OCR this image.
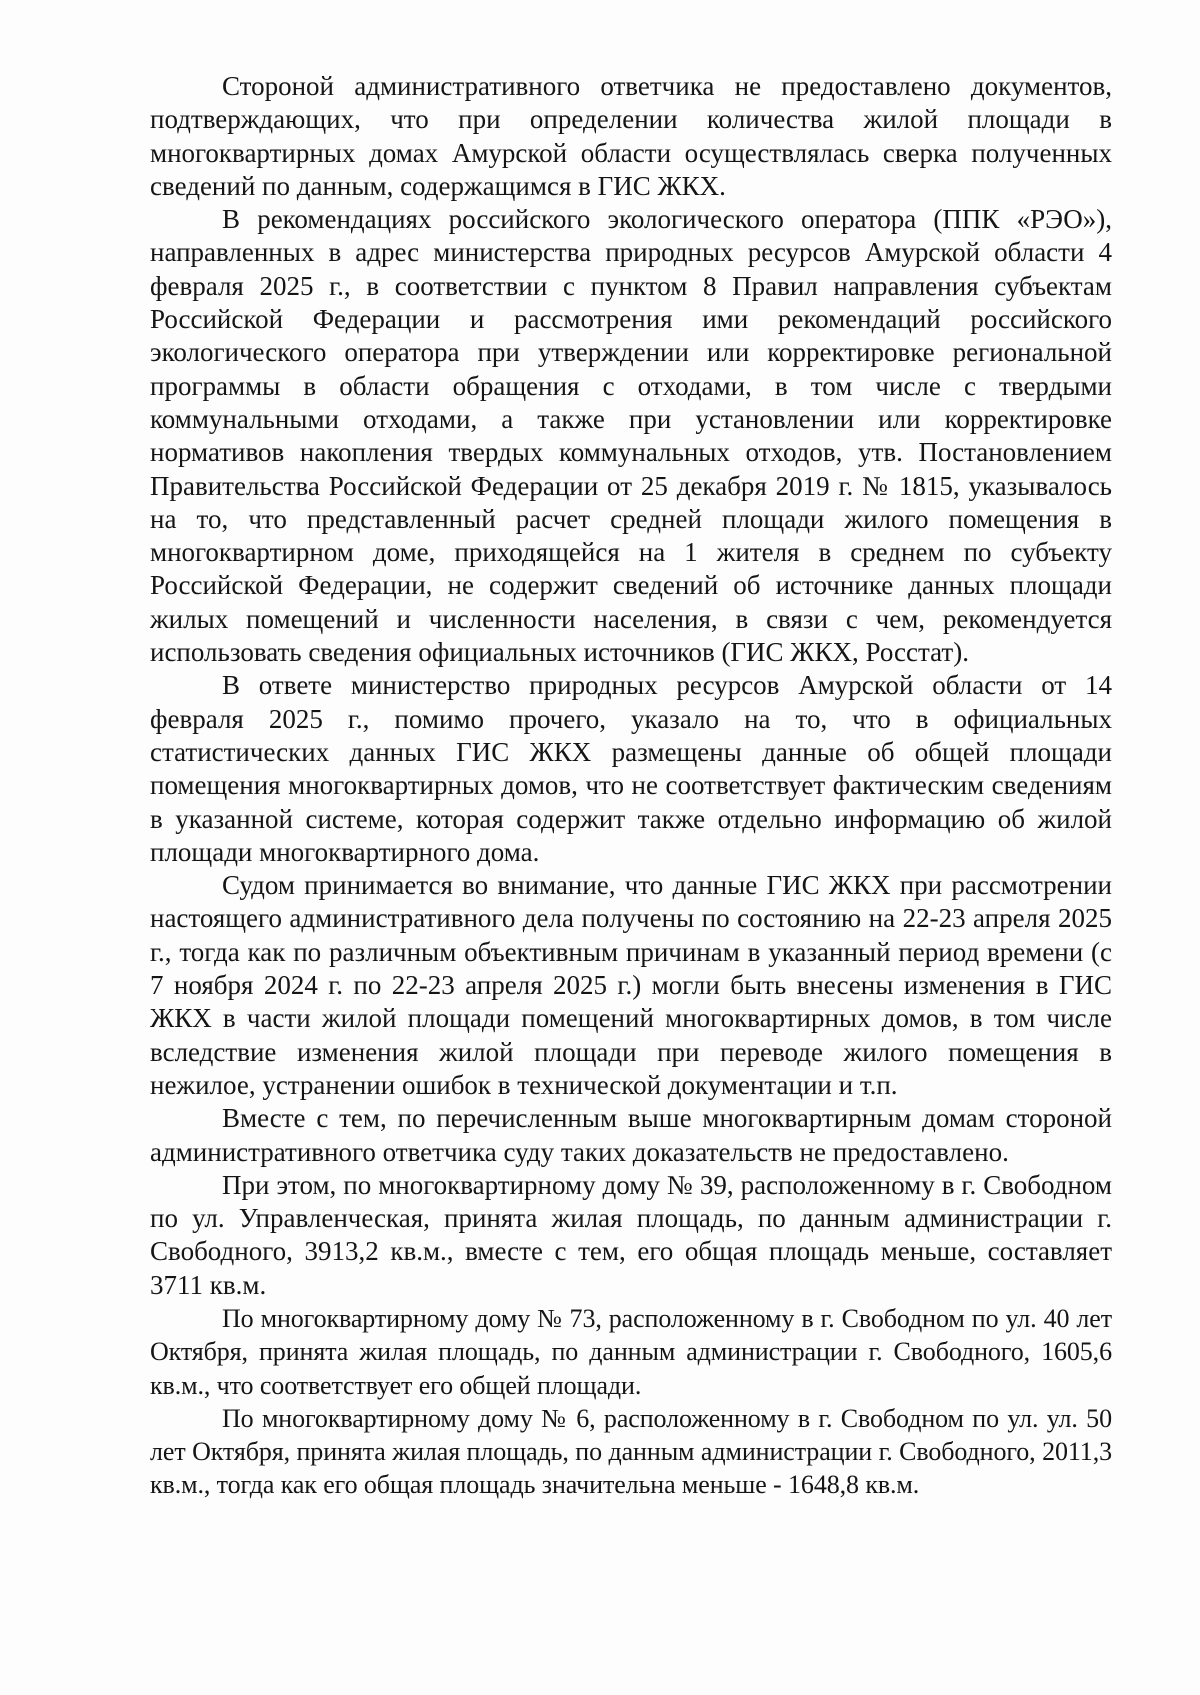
Стороной административного ответчика не предоставлено документов, подтверждающих, что при определении количества жилой площади в многоквартирных домах Амурской области осуществлялась сверка полученных сведений по данным, содержащимся в ГИС ЖКХ.

В рекомендациях российского экологического оператора (ППК «РЭО»), направленных в адрес министерства природных ресурсов Амурской области 4 февраля 2025 г., в соответствии с пунктом 8 Правил направления субъектам Российской Федерации и рассмотрения ими рекомендаций российского экологического оператора при утверждении или корректировке региональной программы в области обращения с отходами, в том числе с твердыми коммунальными отходами, а также при установлении или корректировке нормативов накопления твердых коммунальных отходов, утв. Постановлением Правительства Российской Федерации от 25 декабря 2019 г. № 1815, указывалось на то, что представленный расчет средней площади жилого помещения в многоквартирном доме, приходящейся на 1 жителя в среднем по субъекту Российской Федерации, не содержит сведений об источнике данных площади жилых помещений и численности населения, в связи с чем, рекомендуется использовать сведения официальных источников (ГИС ЖКХ, Росстат).

В ответе министерство природных ресурсов Амурской области от 14 февраля 2025 г., помимо прочего, указало на то, что в официальных статистических данных ГИС ЖКХ размещены данные об общей площади помещения многоквартирных домов, что не соответствует фактическим сведениям в указанной системе, которая содержит также отдельно информацию об жилой площади многоквартирного дома.

Судом принимается во внимание, что данные ГИС ЖКХ при рассмотрении настоящего административного дела получены по состоянию на 22-23 апреля 2025 г., тогда как по различным объективным причинам в указанный период времени (с 7 ноября 2024 г. по 22-23 апреля 2025 г.) могли быть внесены изменения в ГИС ЖКХ в части жилой площади помещений многоквартирных домов, в том числе вследствие изменения жилой площади при переводе жилого помещения в нежилое, устранении ошибок в технической документации и т.п.

Вместе с тем, по перечисленным выше многоквартирным домам стороной административного ответчика суду таких доказательств не предоставлено.

При этом, по многоквартирному дому № 39, расположенному в г. Свободном по ул. Управленческая, принята жилая площадь, по данным администрации г. Свободного, 3913,2 кв.м., вместе с тем, его общая площадь меньше, составляет 3711 кв.м.

По многоквартирному дому № 73, расположенному в г. Свободном по ул. 40 лет Октября, принята жилая площадь, по данным администрации г. Свободного, 1605,6 кв.м., что соответствует его общей площади.

По многоквартирному дому № 6, расположенному в г. Свободном по ул. ул. 50 лет Октября, принята жилая площадь, по данным администрации г. Свободного, 2011,3 кв.м., тогда как его общая площадь значительна меньше - 1648,8 кв.м.
